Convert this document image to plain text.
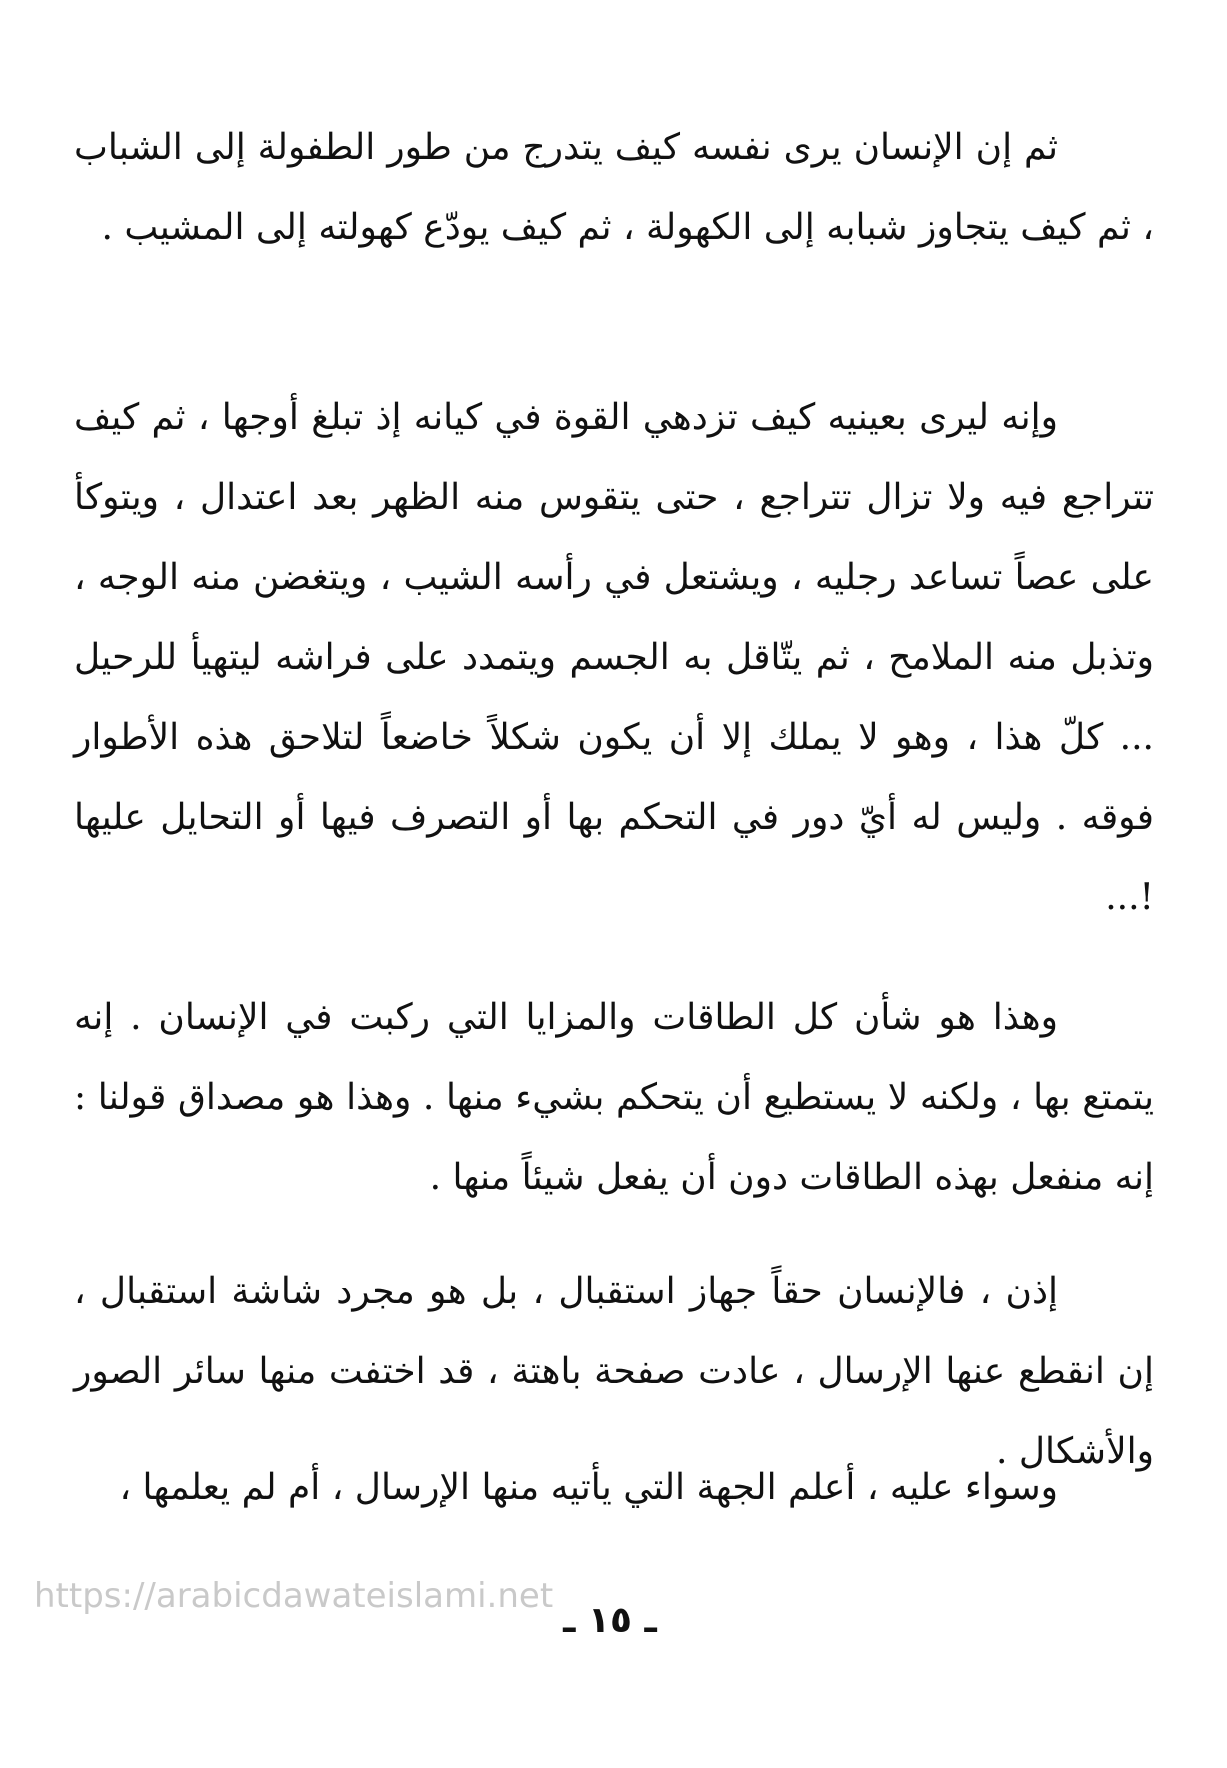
ثم إن الإنسان يرى نفسه كيف يتدرج من طور الطفولة إلى الشباب ، ثم كيف يتجاوز شبابه إلى الكهولة ، ثم كيف يودّع كهولته إلى المشيب .

وإنه ليرى بعينيه كيف تزدهي القوة في كيانه إذ تبلغ أوجها ، ثم كيف تتراجع فيه ولا تزال تتراجع ، حتى يتقوس منه الظهر بعد اعتدال ، ويتوكأ على عصاً تساعد رجليه ، ويشتعل في رأسه الشيب ، ويتغضن منه الوجه ، وتذبل منه الملامح ، ثم يتّاقل به الجسم ويتمدد على فراشه ليتهيأ للرحيل ... كلّ هذا ، وهو لا يملك إلا أن يكون شكلاً خاضعاً لتلاحق هذه الأطوار فوقه . وليس له أيّ دور في التحكم بها أو التصرف فيها أو التحايل عليها !...

وهذا هو شأن كل الطاقات والمزايا التي ركبت في الإنسان . إنه يتمتع بها ، ولكنه لا يستطيع أن يتحكم بشيء منها . وهذا هو مصداق قولنا : إنه منفعل بهذه الطاقات دون أن يفعل شيئاً منها .

إذن ، فالإنسان حقاً جهاز استقبال ، بل هو مجرد شاشة استقبال ، إن انقطع عنها الإرسال ، عادت صفحة باهتة ، قد اختفت منها سائر الصور والأشكال .

وسواء عليه ، أعلم الجهة التي يأتيه منها الإرسال ، أم لم يعلمها ،

https://arabicdawateislami.net
ـ ١٥ ـ
